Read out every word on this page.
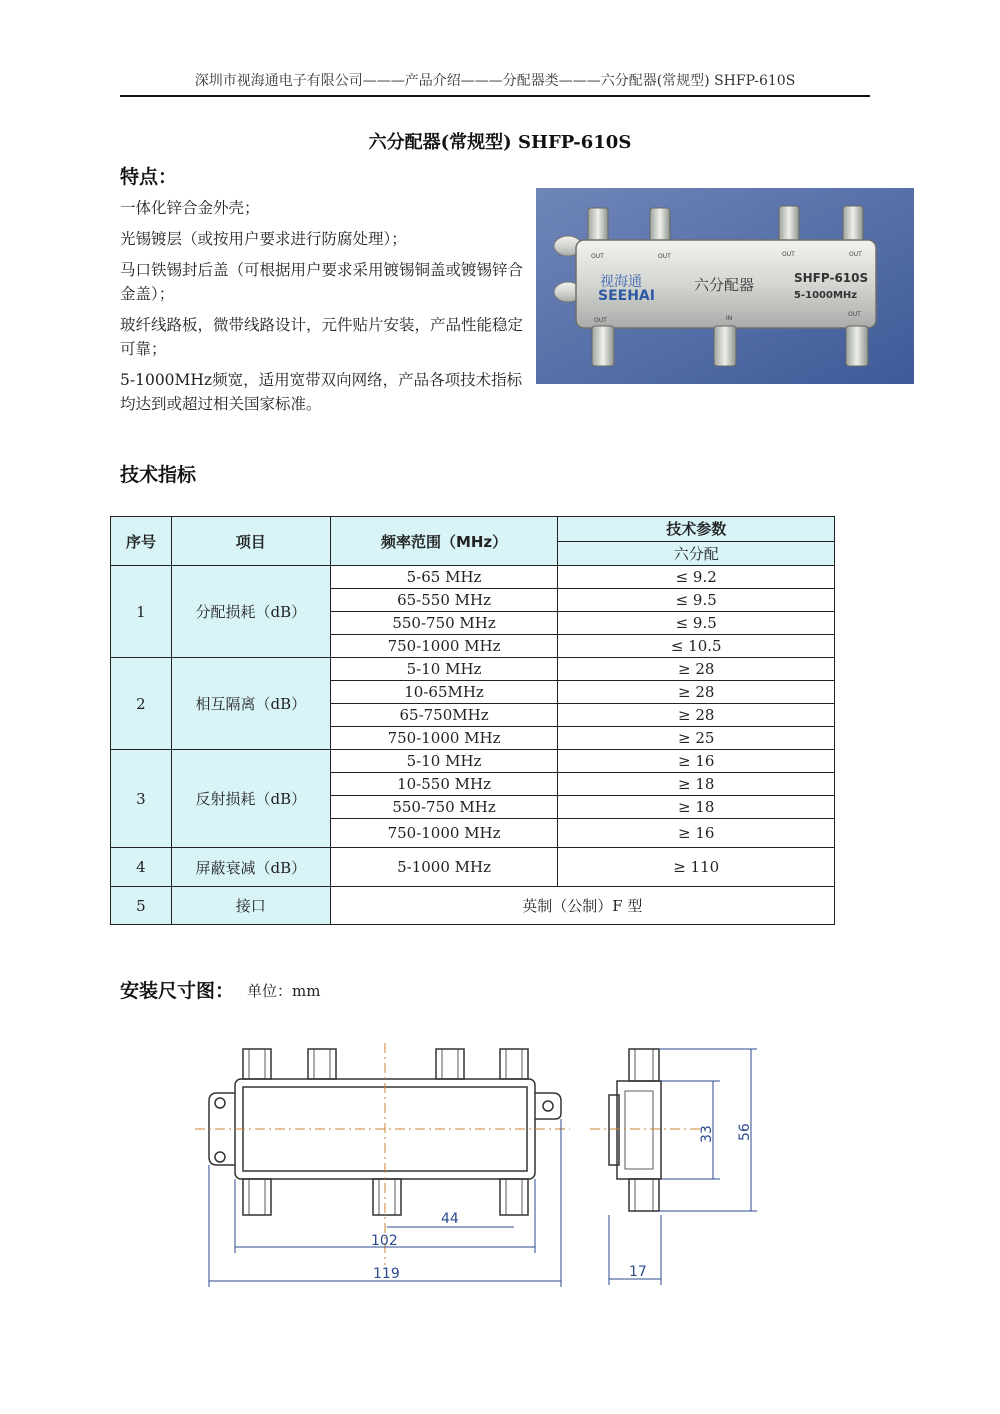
深圳市视海通电子有限公司———产品介绍———分配器类———六分配器(常规型) SHFP-610S
六分配器(常规型) SHFP-610S
特点：
一体化锌合金外壳；
光锡镀层（或按用户要求进行防腐处理）；
马口铁锡封后盖（可根据用户要求采用镀锡铜盖或镀锡锌合金盖）；
玻纤线路板，微带线路设计，元件贴片安装，产品性能稳定可靠；
5-1000MHz频宽，适用宽带双向网络，产品各项技术指标均达到或超过相关国家标准。
视海通
SEEHAI
六分配器	SHFP-610S
5-1000MHz
OUT	OUT	OUT	OUT
OUT	IN
OUT
技术指标
序号	项目	频率范围（MHz）	技术参数
			六分配
1	分配损耗（dB）	5-65 MHz	≤ 9.2
		65-550 MHz	≤ 9.5
		550-750 MHz	≤ 9.5
		750-1000 MHz	≤ 10.5
2	相互隔离（dB）	5-10 MHz	≥ 28
		10-65MHz	≥ 28
		65-750MHz	≥ 28
		750-1000 MHz	≥ 25
3	反射损耗（dB）	5-10 MHz	≥ 16
		10-550 MHz	≥ 18
		550-750 MHz	≥ 18
		750-1000 MHz	≥ 16
4	屏蔽衰减（dB）	5-1000 MHz	≥ 110
5	接口	英制（公制）F 型	
安装尺寸图： 单位：mm
44
102
119	17
33 56
